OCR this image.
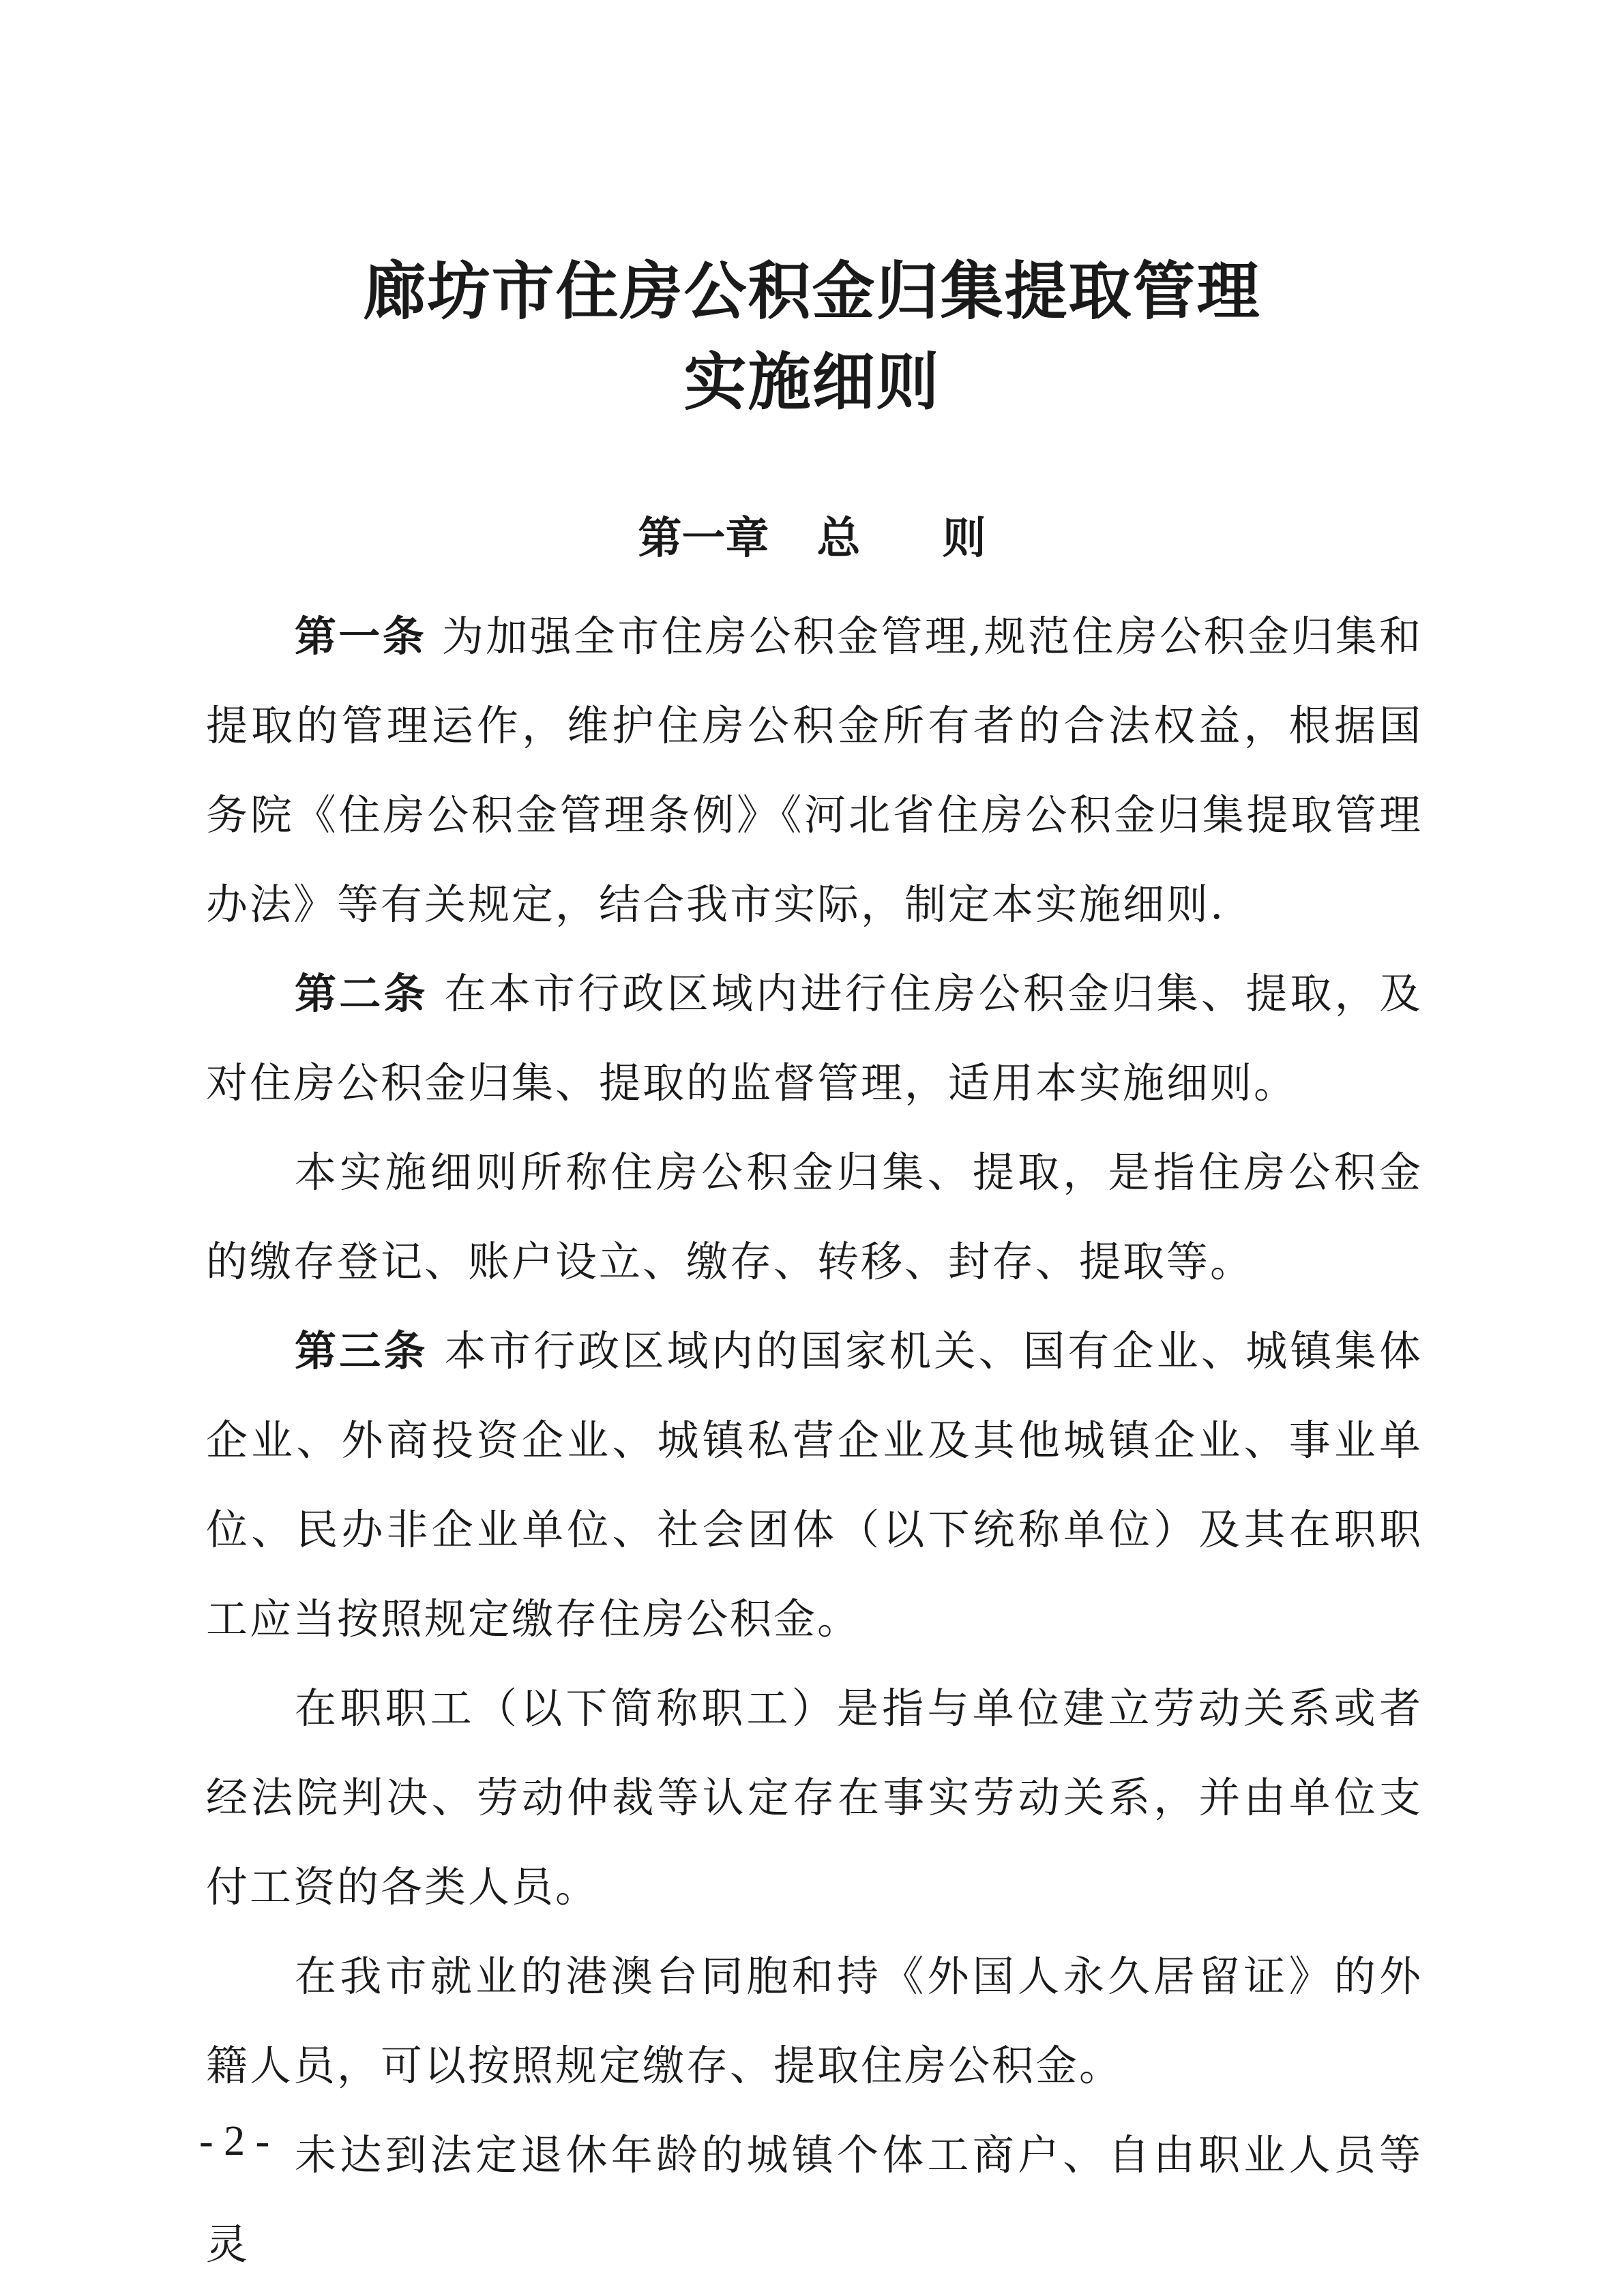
廊坊市住房公积金归集提取管理
实施细则
第一章 总 则

第一条 为加强全市住房公积金管理,规范住房公积金归集和提取的管理运作，维护住房公积金所有者的合法权益，根据国务院《住房公积金管理条例》《河北省住房公积金归集提取管理办法》等有关规定，结合我市实际，制定本实施细则.

第二条 在本市行政区域内进行住房公积金归集、提取，及对住房公积金归集、提取的监督管理，适用本实施细则。

本实施细则所称住房公积金归集、提取，是指住房公积金的缴存登记、账户设立、缴存、转移、封存、提取等。

第三条 本市行政区域内的国家机关、国有企业、城镇集体企业、外商投资企业、城镇私营企业及其他城镇企业、事业单位、民办非企业单位、社会团体（以下统称单位）及其在职职工应当按照规定缴存住房公积金。

在职职工（以下简称职工）是指与单位建立劳动关系或者经法院判决、劳动仲裁等认定存在事实劳动关系，并由单位支付工资的各类人员。

在我市就业的港澳台同胞和持《外国人永久居留证》的外籍人员，可以按照规定缴存、提取住房公积金。

未达到法定退休年龄的城镇个体工商户、自由职业人员等灵

- 2 -
